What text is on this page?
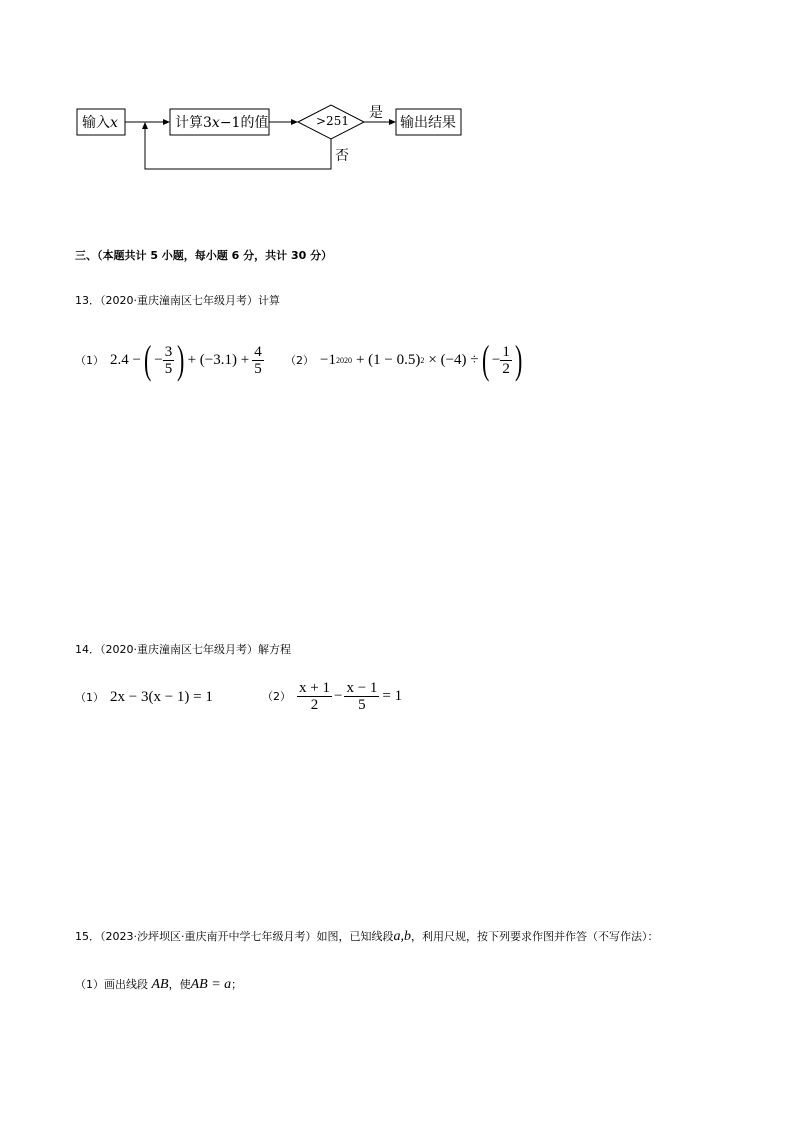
输入x	计算3x−1的值	>251 是
否
输出结果
三、（本题共计 5 小题，每小题 6 分，共计 30 分）
13．（2020·重庆潼南区七年级月考）计算
（1） 2.4 − ( − $\frac{3}{5}$ ) + $(-3.1) + \frac{4}{5} (2) -1$ 2020 + (1 − 0.5) 2 × (−4) ÷ ( − $\frac{1}{2}$ )
14．（2020·重庆潼南区七年级月考）解方程
（1） 2x − 3(x − 1) = 1	$(2) \frac{x + 1}{2} - \frac{x - 1}{5} = 1$
15．（2023·沙坪坝区·重庆南开中学七年级月考）如图，已知线段a,b，利用尺规，按下列要求作图并作答（不写作法）：
（1）画出线段 AB，使AB = a；
